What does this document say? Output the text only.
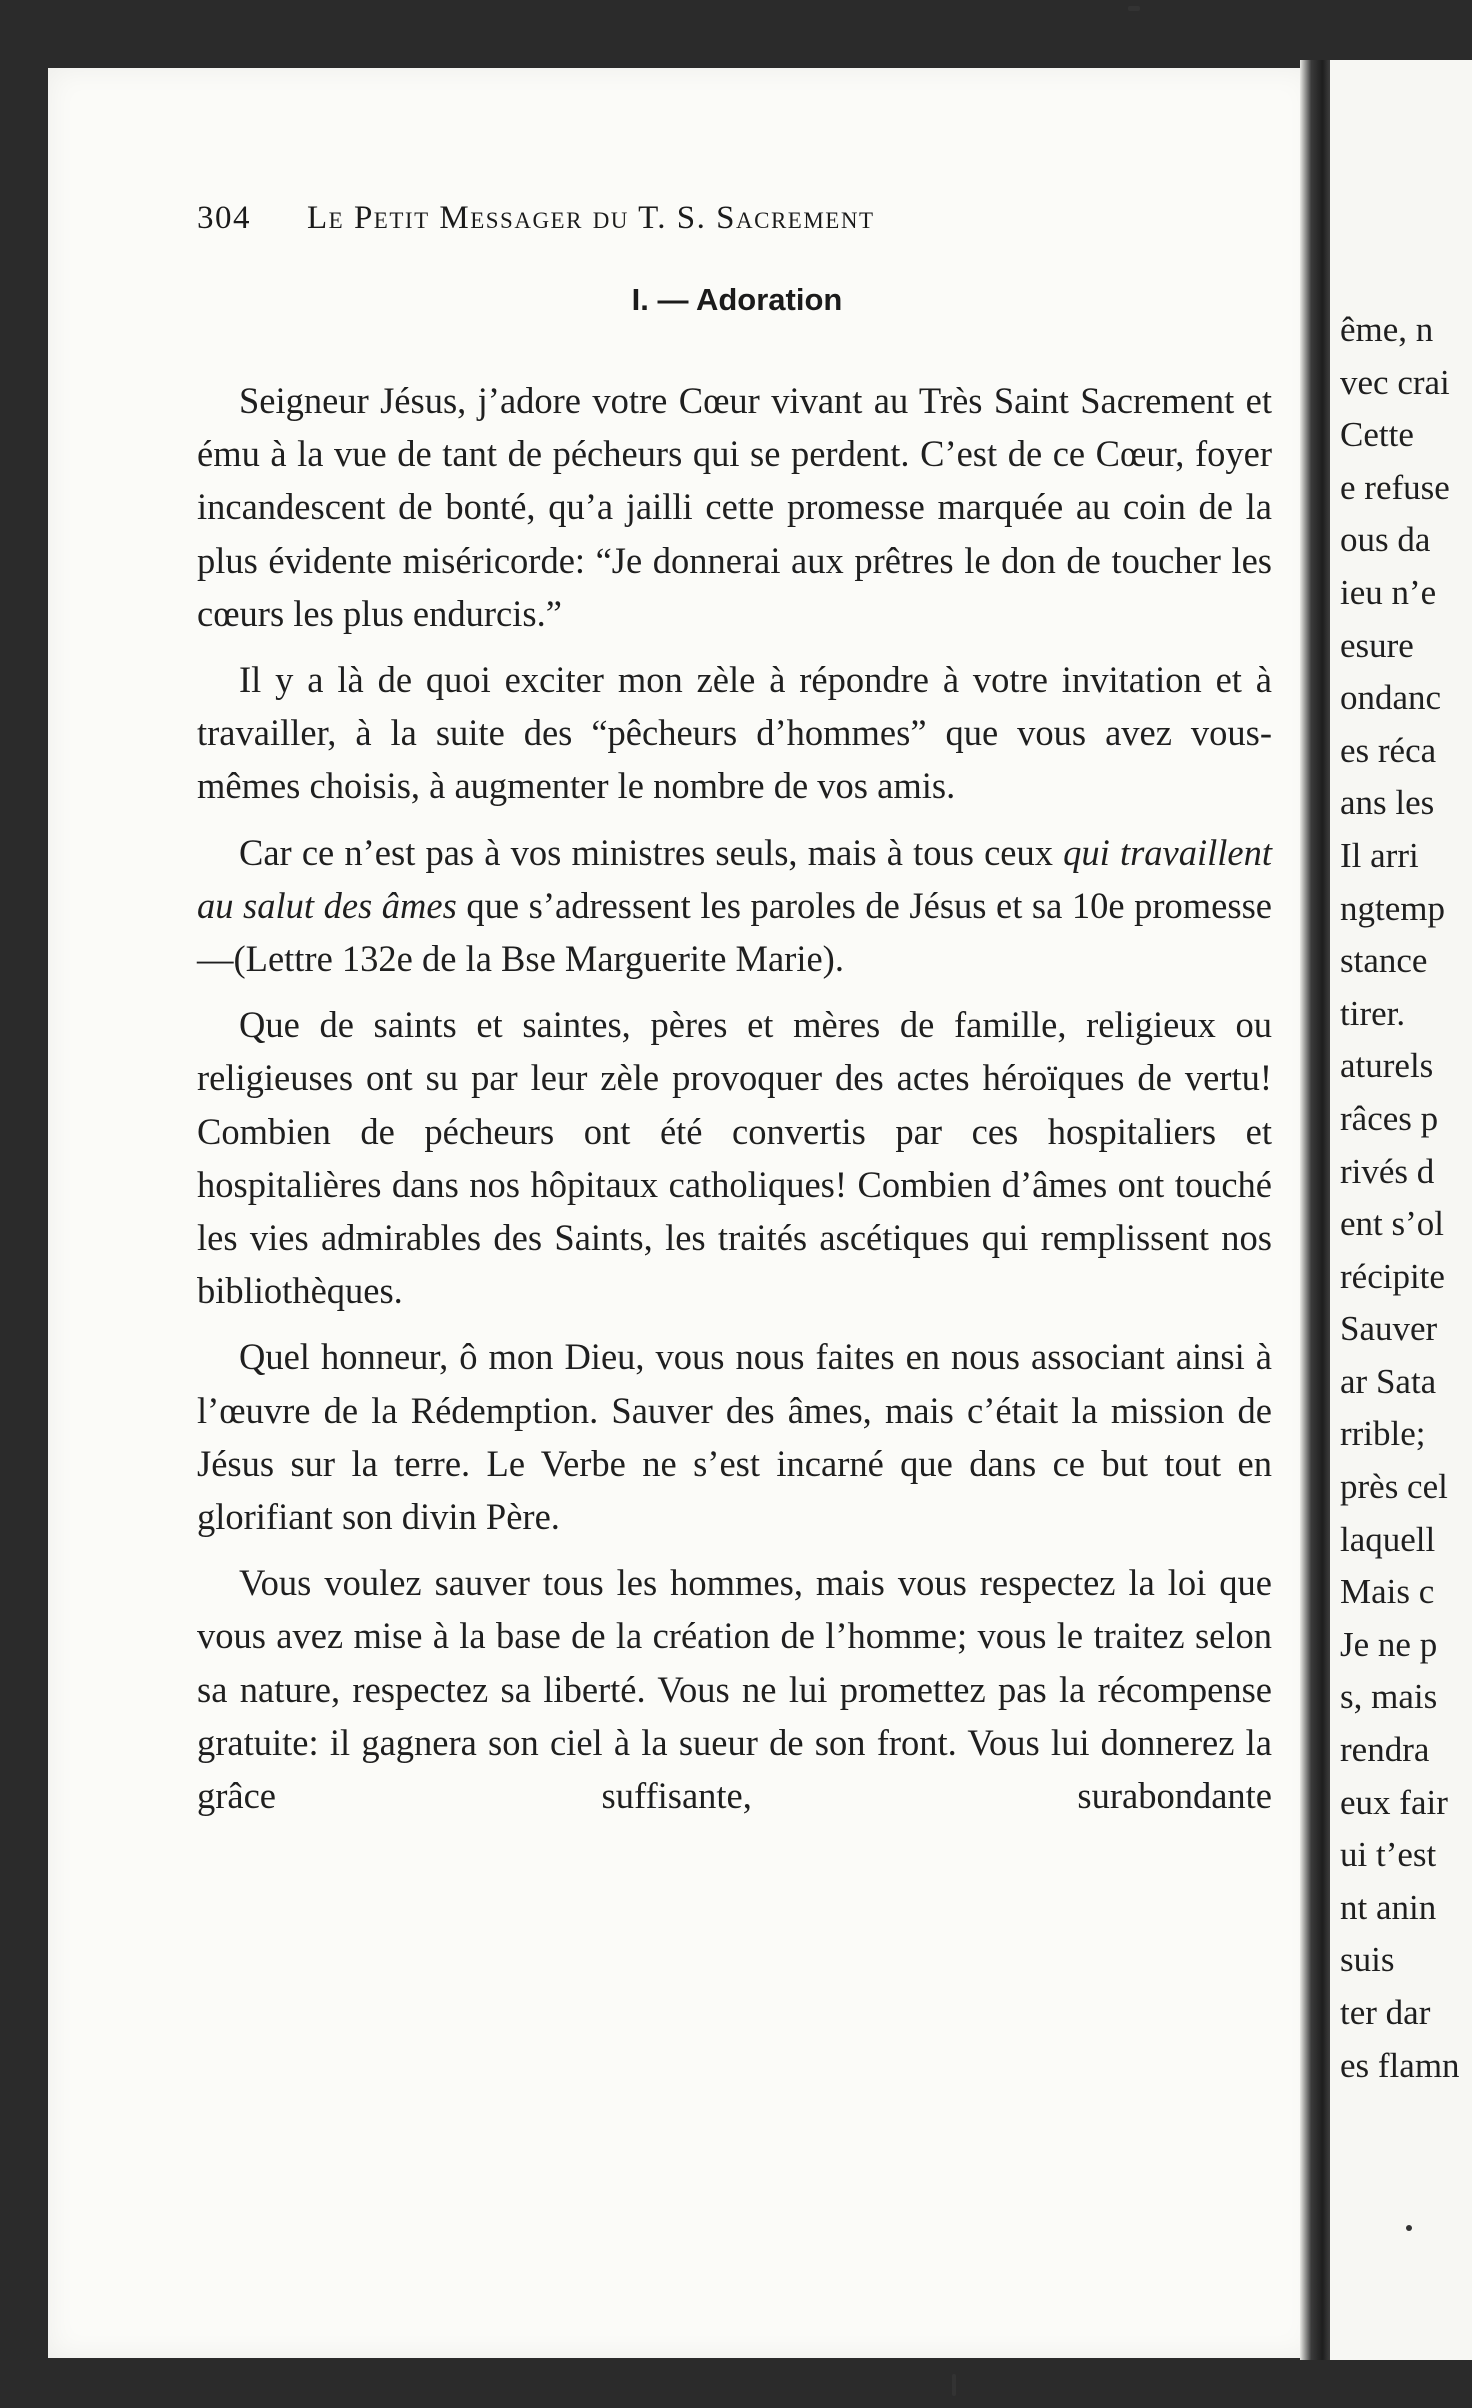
304 Le Petit Messager du T. S. Sacrement
I. — Adoration

Seigneur Jésus, j’adore votre Cœur vivant au Très Saint Sacrement et ému à la vue de tant de pécheurs qui se perdent. C’est de ce Cœur, foyer incandescent de bonté, qu’a jailli cette promesse marquée au coin de la plus évidente miséricorde: “Je donnerai aux prêtres le don de toucher les cœurs les plus endurcis.”

Il y a là de quoi exciter mon zèle à répondre à votre invitation et à travailler, à la suite des “pêcheurs d’hommes” que vous avez vous-mêmes choisis, à augmenter le nombre de vos amis.

Car ce n’est pas à vos ministres seuls, mais à tous ceux qui travaillent au salut des âmes que s’adressent les paroles de Jésus et sa 10e promesse—(Lettre 132e de la Bse Marguerite Marie).

Que de saints et saintes, pères et mères de famille, religieux ou religieuses ont su par leur zèle provoquer des actes héroïques de vertu! Combien de pécheurs ont été convertis par ces hospitaliers et hospitalières dans nos hôpitaux catholiques! Combien d’âmes ont touché les vies admirables des Saints, les traités ascétiques qui remplissent nos bibliothèques.

Quel honneur, ô mon Dieu, vous nous faites en nous associant ainsi à l’œuvre de la Rédemption. Sauver des âmes, mais c’était la mission de Jésus sur la terre. Le Verbe ne s’est incarné que dans ce but tout en glorifiant son divin Père.

Vous voulez sauver tous les hommes, mais vous respectez la loi que vous avez mise à la base de la création de l’homme; vous le traitez selon sa nature, respectez sa liberté. Vous ne lui promettez pas la récompense gratuite: il gagnera son ciel à la sueur de son front. Vous lui donnerez la grâce suffisante, surabondante

ême, n
vec crai
Cette
e refuse
ous da
ieu n’e
esure
ondanc
es réca
ans les
Il arri
ngtemp
stance
tirer.
aturels
râces p
rivés d
ent s’ol
récipite
Sauver
ar Sata
rrible;
près cel
laquell
Mais c
Je ne p
s, mais
rendra
eux fair
ui t’est
nt anin
suis
ter dar
es flamn
